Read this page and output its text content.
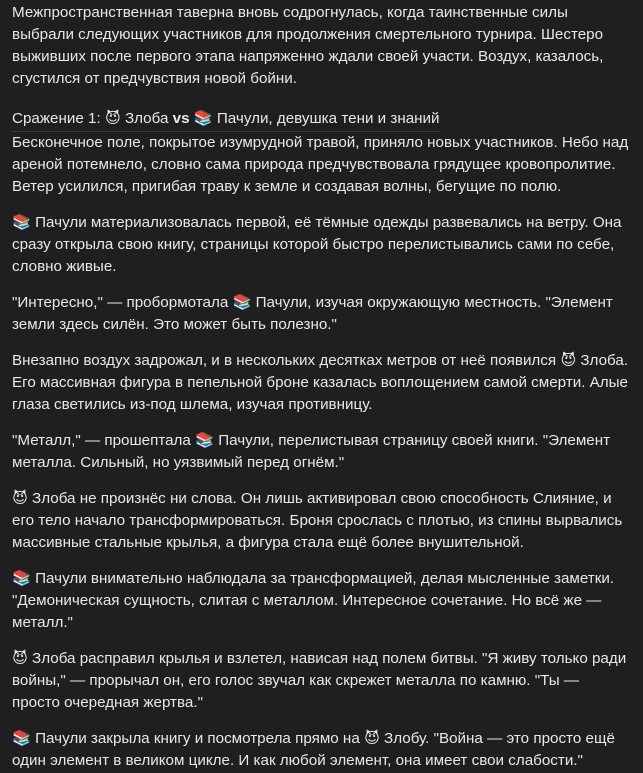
Межпространственная таверна вновь содрогнулась, когда таинственные силы выбрали следующих участников для продолжения смертельного турнира. Шестеро выживших после первого этапа напряженно ждали своей участи. Воздух, казалось, сгустился от предчувствия новой бойни.

Сражение 1: 😈 Злоба vs 📚 Пачули, девушка тени и знаний

Бесконечное поле, покрытое изумрудной травой, приняло новых участников. Небо над ареной потемнело, словно сама природа предчувствовала грядущее кровопролитие. Ветер усилился, пригибая траву к земле и создавая волны, бегущие по полю.

📚 Пачули материализовалась первой, её тёмные одежды развевались на ветру. Она сразу открыла свою книгу, страницы которой быстро перелистывались сами по себе, словно живые.

"Интересно," — пробормотала 📚 Пачули, изучая окружающую местность. "Элемент земли здесь силён. Это может быть полезно."

Внезапно воздух задрожал, и в нескольких десятках метров от неё появился 😈 Злоба. Его массивная фигура в пепельной броне казалась воплощением самой смерти. Алые глаза светились из-под шлема, изучая противницу.

"Металл," — прошептала 📚 Пачули, перелистывая страницу своей книги. "Элемент металла. Сильный, но уязвимый перед огнём."

😈 Злоба не произнёс ни слова. Он лишь активировал свою способность Слияние, и его тело начало трансформироваться. Броня срослась с плотью, из спины вырвались массивные стальные крылья, а фигура стала ещё более внушительной.

📚 Пачули внимательно наблюдала за трансформацией, делая мысленные заметки. "Демоническая сущность, слитая с металлом. Интересное сочетание. Но всё же — металл."

😈 Злоба расправил крылья и взлетел, нависая над полем битвы. "Я живу только ради войны," — прорычал он, его голос звучал как скрежет металла по камню. "Ты — просто очередная жертва."

📚 Пачули закрыла книгу и посмотрела прямо на 😈 Злобу. "Война — это просто ещё один элемент в великом цикле. И как любой элемент, она имеет свои слабости."
